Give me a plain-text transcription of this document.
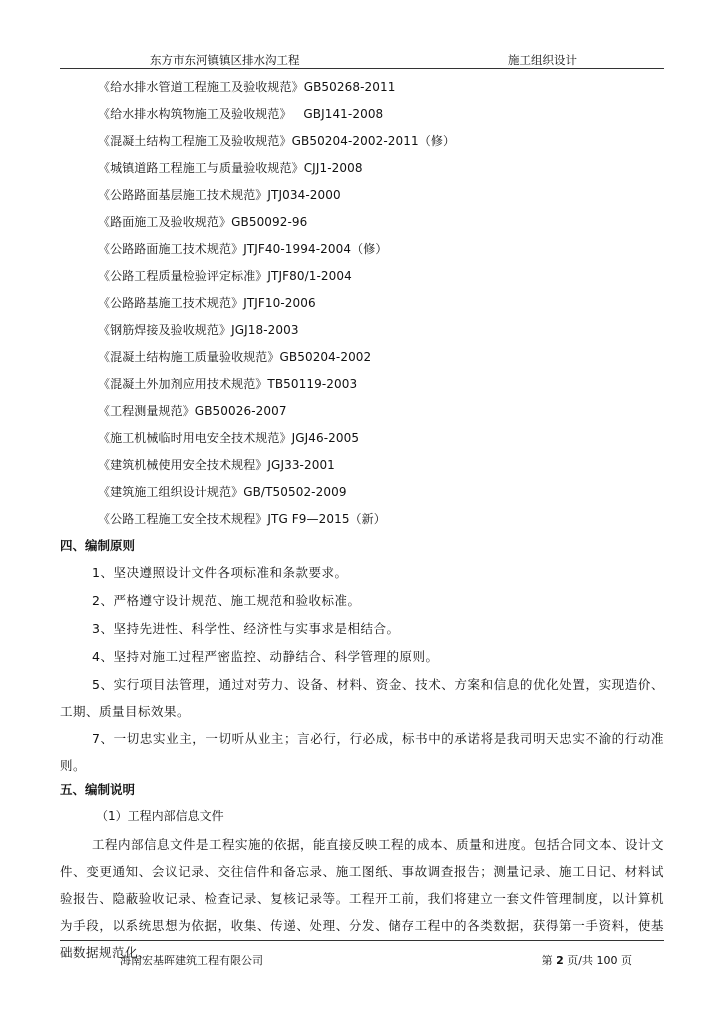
东方市东河镇镇区排水沟工程	施工组织设计
《给水排水管道工程施工及验收规范》GB50268-2011
《给水排水构筑物施工及验收规范》   GBJ141-2008
《混凝土结构工程施工及验收规范》GB50204-2002-2011（修）
《城镇道路工程施工与质量验收规范》CJJ1-2008
《公路路面基层施工技术规范》JTJ034-2000
《路面施工及验收规范》GB50092-96
《公路路面施工技术规范》JTJF40-1994-2004（修）
《公路工程质量检验评定标准》JTJF80/1-2004
《公路路基施工技术规范》JTJF10-2006
《钢筋焊接及验收规范》JGJ18-2003
《混凝土结构施工质量验收规范》GB50204-2002
《混凝土外加剂应用技术规范》TB50119-2003
《工程测量规范》GB50026-2007
《施工机械临时用电安全技术规范》JGJ46-2005
《建筑机械使用安全技术规程》JGJ33-2001
《建筑施工组织设计规范》GB/T50502-2009
《公路工程施工安全技术规程》JTG F9—2015（新）
四、编制原则
1、坚决遵照设计文件各项标准和条款要求。
2、严格遵守设计规范、施工规范和验收标准。
3、坚持先进性、科学性、经济性与实事求是相结合。
4、坚持对施工过程严密监控、动静结合、科学管理的原则。
5、实行项目法管理，通过对劳力、设备、材料、资金、技术、方案和信息的优化处置，实现造价、工期、质量目标效果。
7、一切忠实业主，一切听从业主；言必行，行必成，标书中的承诺将是我司明天忠实不渝的行动准则。
五、编制说明
（1）工程内部信息文件
工程内部信息文件是工程实施的依据，能直接反映工程的成本、质量和进度。包括合同文本、设计文件、变更通知、会议记录、交往信件和备忘录、施工图纸、事故调查报告；测量记录、施工日记、材料试验报告、隐蔽验收记录、检查记录、复核记录等。工程开工前，我们将建立一套文件管理制度，以计算机为手段，以系统思想为依据，收集、传递、处理、分发、储存工程中的各类数据，获得第一手资料，使基础数据规范化、
海南宏基晖建筑工程有限公司	第 2 页/共 100 页
